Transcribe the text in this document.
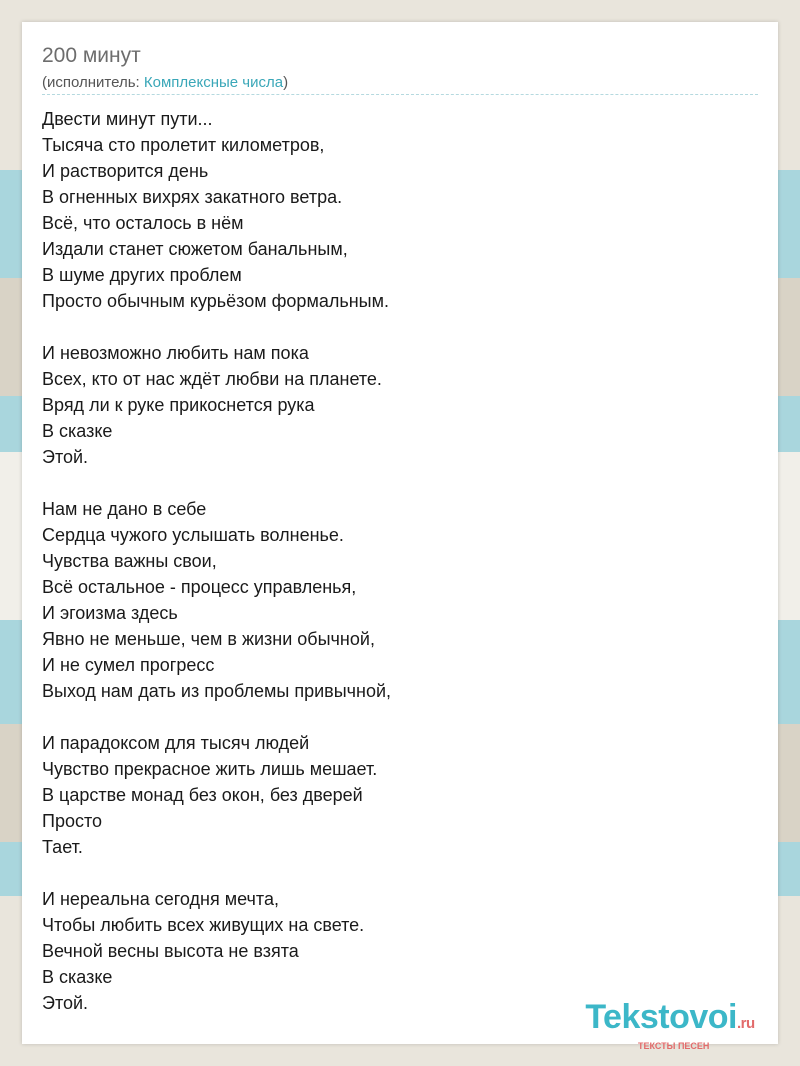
200 минут
(исполнитель: Комплексные числа)
Двести минут пути...
Тысяча сто пролетит километров,
И растворится день
В огненных вихрях закатного ветра.
Всё, что осталось в нём
Издали станет сюжетом банальным,
В шуме других проблем
Просто обычным курьёзом формальным.
И невозможно любить нам пока
Всех, кто от нас ждёт любви на планете.
Вряд ли к руке прикоснется рука
В сказке
Этой.
Нам не дано в себе
Сердца чужого услышать волненье.
Чувства важны свои,
Всё остальное - процесс управленья,
И эгоизма здесь
Явно не меньше, чем в жизни обычной,
И не сумел прогресс
Выход нам дать из проблемы привычной,
И парадоксом для тысяч людей
Чувство прекрасное жить лишь мешает.
В царстве монад без окон, без дверей
Просто
Тает.
И нереальна сегодня мечта,
Чтобы любить всех живущих на свете.
Вечной весны высота не взята
В сказке
Этой.	Tekstovoi.ru
ТЕКСТЫ ПЕСЕН
